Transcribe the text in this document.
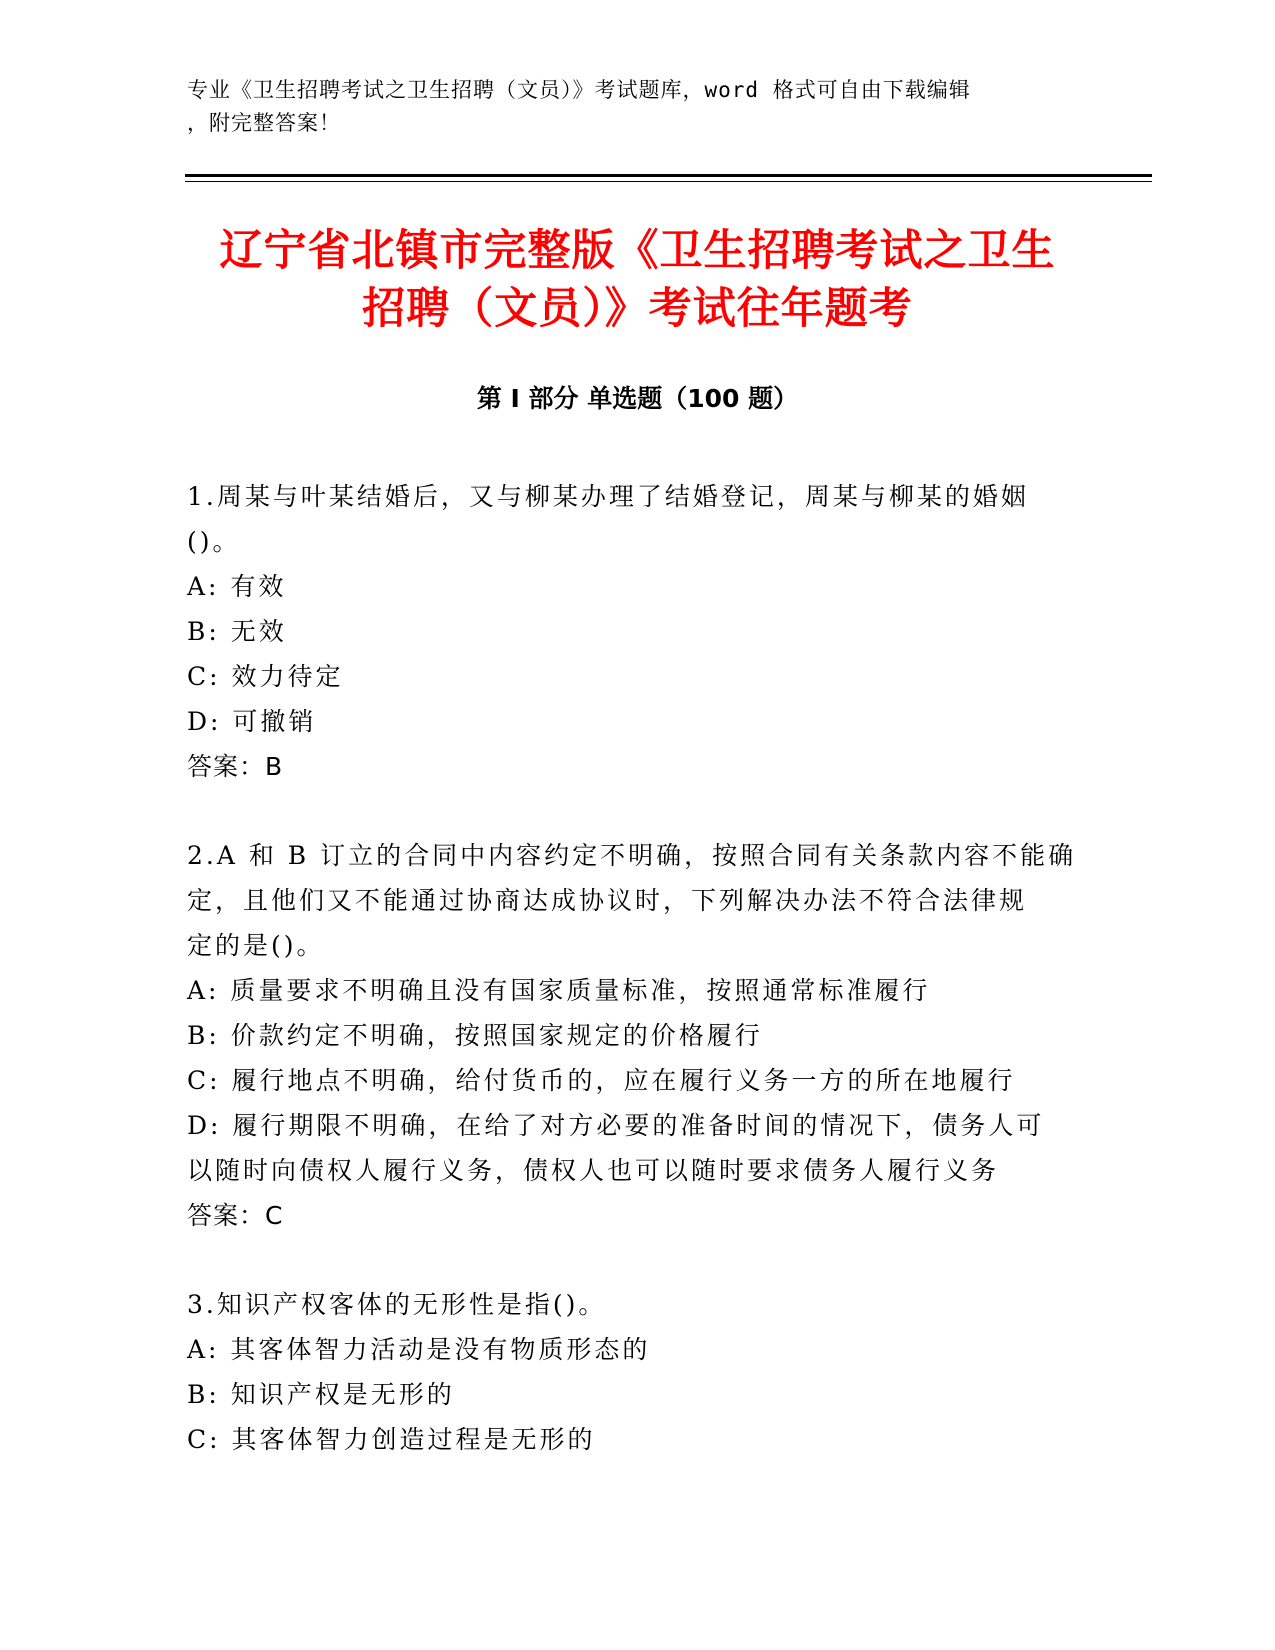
专业《卫生招聘考试之卫生招聘（文员）》考试题库，word 格式可自由下载编辑
，附完整答案！
辽宁省北镇市完整版《卫生招聘考试之卫生
招聘（文员）》考试往年题考
第 I 部分 单选题（100 题）
1.周某与叶某结婚后，又与柳某办理了结婚登记，周某与柳某的婚姻
()。
A: 有效
B: 无效
C: 效力待定
D: 可撤销
答案：B
2.A 和 B 订立的合同中内容约定不明确，按照合同有关条款内容不能确
定，且他们又不能通过协商达成协议时，下列解决办法不符合法律规
定的是()。
A: 质量要求不明确且没有国家质量标准，按照通常标准履行
B: 价款约定不明确，按照国家规定的价格履行
C: 履行地点不明确，给付货币的，应在履行义务一方的所在地履行
D: 履行期限不明确，在给了对方必要的准备时间的情况下，债务人可
以随时向债权人履行义务，债权人也可以随时要求债务人履行义务
答案：C
3.知识产权客体的无形性是指()。
A: 其客体智力活动是没有物质形态的
B: 知识产权是无形的
C: 其客体智力创造过程是无形的
